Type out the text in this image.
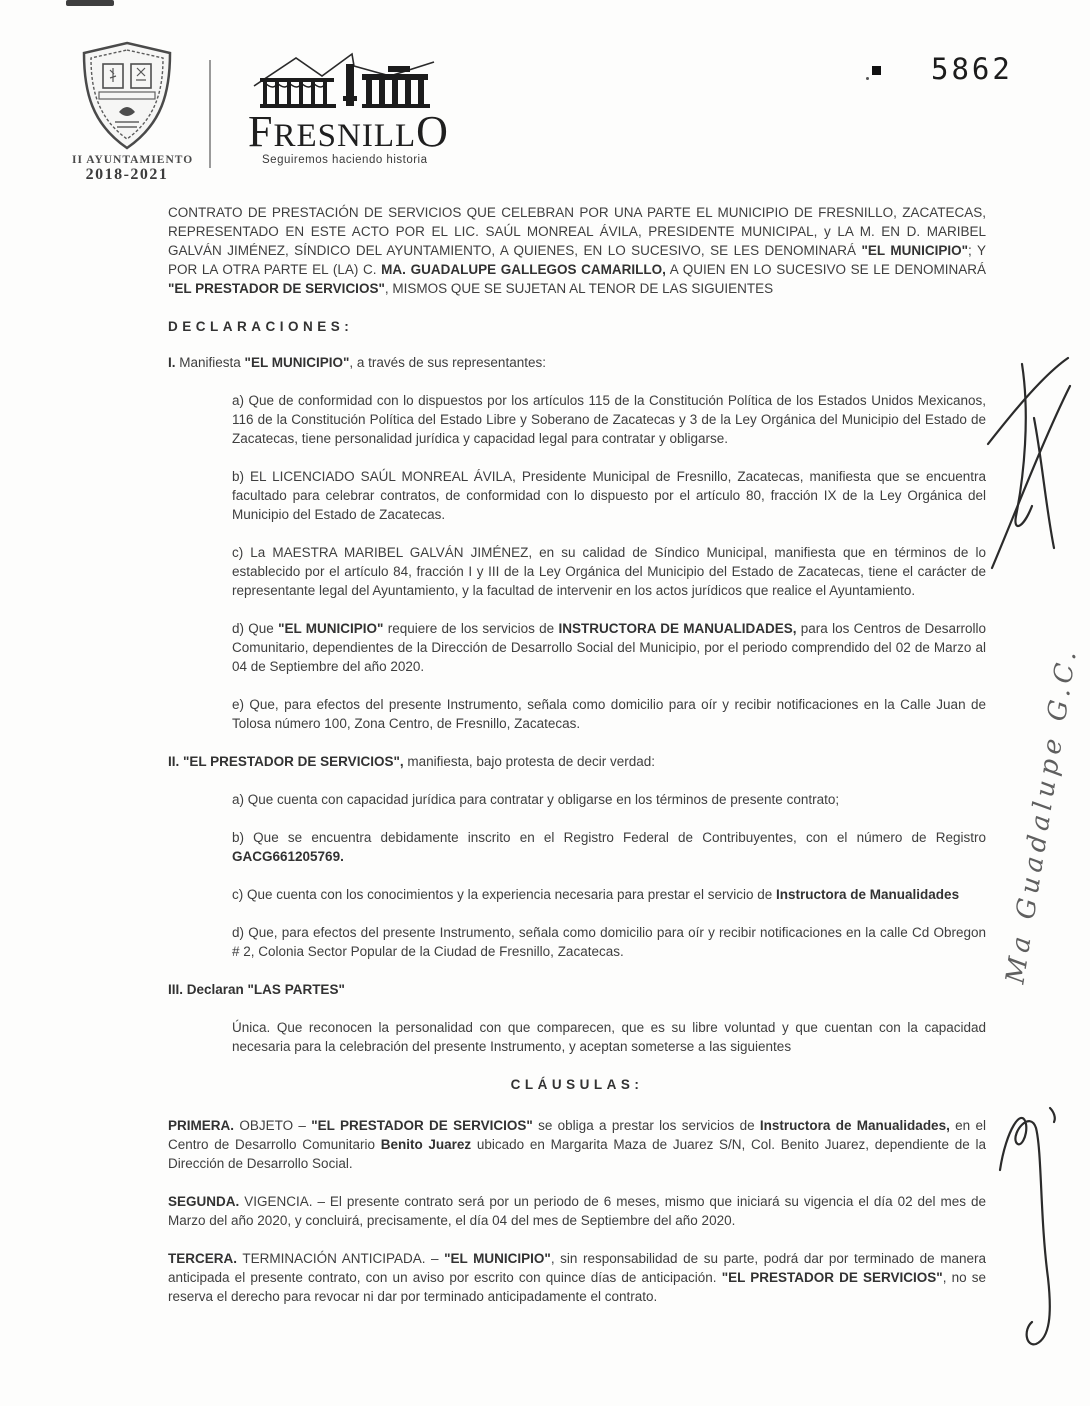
II AYUNTAMIENTO
2018-2021
FRESNILLO
Seguiremos haciendo historia
5862
CONTRATO DE PRESTACIÓN DE SERVICIOS QUE CELEBRAN POR UNA PARTE EL MUNICIPIO DE FRESNILLO, ZACATECAS, REPRESENTADO EN ESTE ACTO POR EL LIC. SAÚL MONREAL ÁVILA, PRESIDENTE MUNICIPAL, y LA M. EN D. MARIBEL GALVÁN JIMÉNEZ, SÍNDICO DEL AYUNTAMIENTO, A QUIENES, EN LO SUCESIVO, SE LES DENOMINARÁ "EL MUNICIPIO"; Y POR LA OTRA PARTE EL (LA) C. MA. GUADALUPE GALLEGOS CAMARILLO, A QUIEN EN LO SUCESIVO SE LE DENOMINARÁ "EL PRESTADOR DE SERVICIOS", MISMOS QUE SE SUJETAN AL TENOR DE LAS SIGUIENTES
DECLARACIONES:
I. Manifiesta "EL MUNICIPIO", a través de sus representantes:
a) Que de conformidad con lo dispuestos por los artículos 115 de la Constitución Política de los Estados Unidos Mexicanos, 116 de la Constitución Política del Estado Libre y Soberano de Zacatecas y 3 de la Ley Orgánica del Municipio del Estado de Zacatecas, tiene personalidad jurídica y capacidad legal para contratar y obligarse.
b) EL LICENCIADO SAÚL MONREAL ÁVILA, Presidente Municipal de Fresnillo, Zacatecas, manifiesta que se encuentra facultado para celebrar contratos, de conformidad con lo dispuesto por el artículo 80, fracción IX de la Ley Orgánica del Municipio del Estado de Zacatecas.
c) La MAESTRA MARIBEL GALVÁN JIMÉNEZ, en su calidad de Síndico Municipal, manifiesta que en términos de lo establecido por el artículo 84, fracción I y III de la Ley Orgánica del Municipio del Estado de Zacatecas, tiene el carácter de representante legal del Ayuntamiento, y la facultad de intervenir en los actos jurídicos que realice el Ayuntamiento.
d) Que "EL MUNICIPIO" requiere de los servicios de INSTRUCTORA DE MANUALIDADES, para los Centros de Desarrollo Comunitario, dependientes de la Dirección de Desarrollo Social del Municipio, por el periodo comprendido del 02 de Marzo al 04 de Septiembre del año 2020.
e) Que, para efectos del presente Instrumento, señala como domicilio para oír y recibir notificaciones en la Calle Juan de Tolosa número 100, Zona Centro, de Fresnillo, Zacatecas.
II. "EL PRESTADOR DE SERVICIOS", manifiesta, bajo protesta de decir verdad:
a) Que cuenta con capacidad jurídica para contratar y obligarse en los términos de presente contrato;
b) Que se encuentra debidamente inscrito en el Registro Federal de Contribuyentes, con el número de Registro GACG661205769.
c) Que cuenta con los conocimientos y la experiencia necesaria para prestar el servicio de Instructora de Manualidades
d) Que, para efectos del presente Instrumento, señala como domicilio para oír y recibir notificaciones en la calle Cd Obregon # 2, Colonia Sector Popular de la Ciudad de Fresnillo, Zacatecas.
III. Declaran "LAS PARTES"
Única. Que reconocen la personalidad con que comparecen, que es su libre voluntad y que cuentan con la capacidad necesaria para la celebración del presente Instrumento, y aceptan someterse a las siguientes
CLÁUSULAS:
PRIMERA. OBJETO – "EL PRESTADOR DE SERVICIOS" se obliga a prestar los servicios de Instructora de Manualidades, en el Centro de Desarrollo Comunitario Benito Juarez ubicado en Margarita Maza de Juarez S/N, Col. Benito Juarez, dependiente de la Dirección de Desarrollo Social.
SEGUNDA. VIGENCIA. – El presente contrato será por un periodo de 6 meses, mismo que iniciará su vigencia el día 02 del mes de Marzo del año 2020, y concluirá, precisamente, el día 04 del mes de Septiembre del año 2020.
TERCERA. TERMINACIÓN ANTICIPADA. – "EL MUNICIPIO", sin responsabilidad de su parte, podrá dar por terminado de manera anticipada el presente contrato, con un aviso por escrito con quince días de anticipación. "EL PRESTADOR DE SERVICIOS", no se reserva el derecho para revocar ni dar por terminado anticipadamente el contrato.
Ma Guadalupe G.C.
